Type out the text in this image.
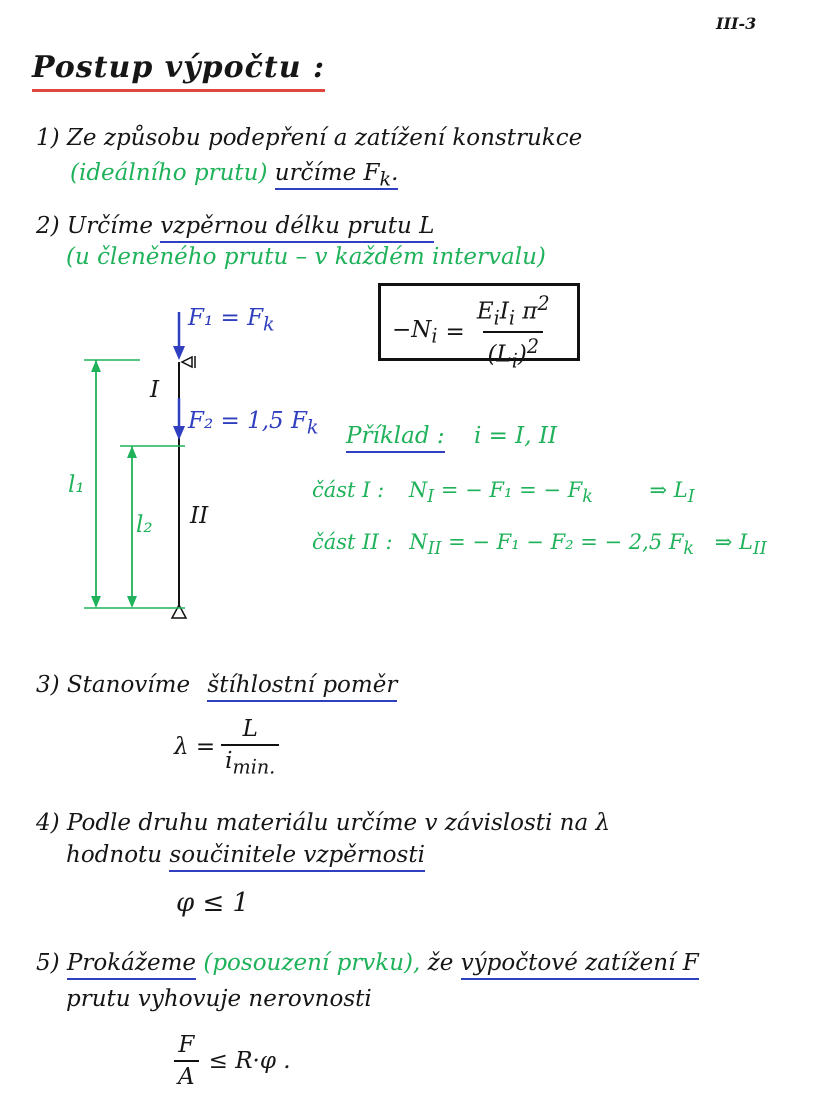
III-3
Postup výpočtu :
1) Ze způsobu podepření a zatížení konstrukce
(ideálního prutu) určíme $F_k$.
2) Určíme vzpěrnou délku prutu L
(u členěného prutu – v každém intervalu)
$-N_i = \frac{E_iI_i \pi^2}{(L_i)^2}$
$F_1 = F_k$
F₂ = 1,5 $F_k$
I
II
l₁
l₂
Příklad : i = I, II
část I : $N_I$ = − F₁ = − $F_k$	⇒ $L_I$
část II : $N_{II}$ = − F₁ − F₂ = − 2,5 $F_k$ ⇒ $L_{II}$
3) Stanovíme štíhlostní poměr
$\lambda = \frac{L}{i_{min.}}$
4) Podle druhu materiálu určíme v závislosti na λ
hodnotu součinitele vzpěrnosti
φ ≤ 1
5) Prokážeme (posouzení prvku), že výpočtové zatížení F
prutu vyhovuje nerovnosti
$\frac{F}{A} \le R\cdot\varphi$ .
